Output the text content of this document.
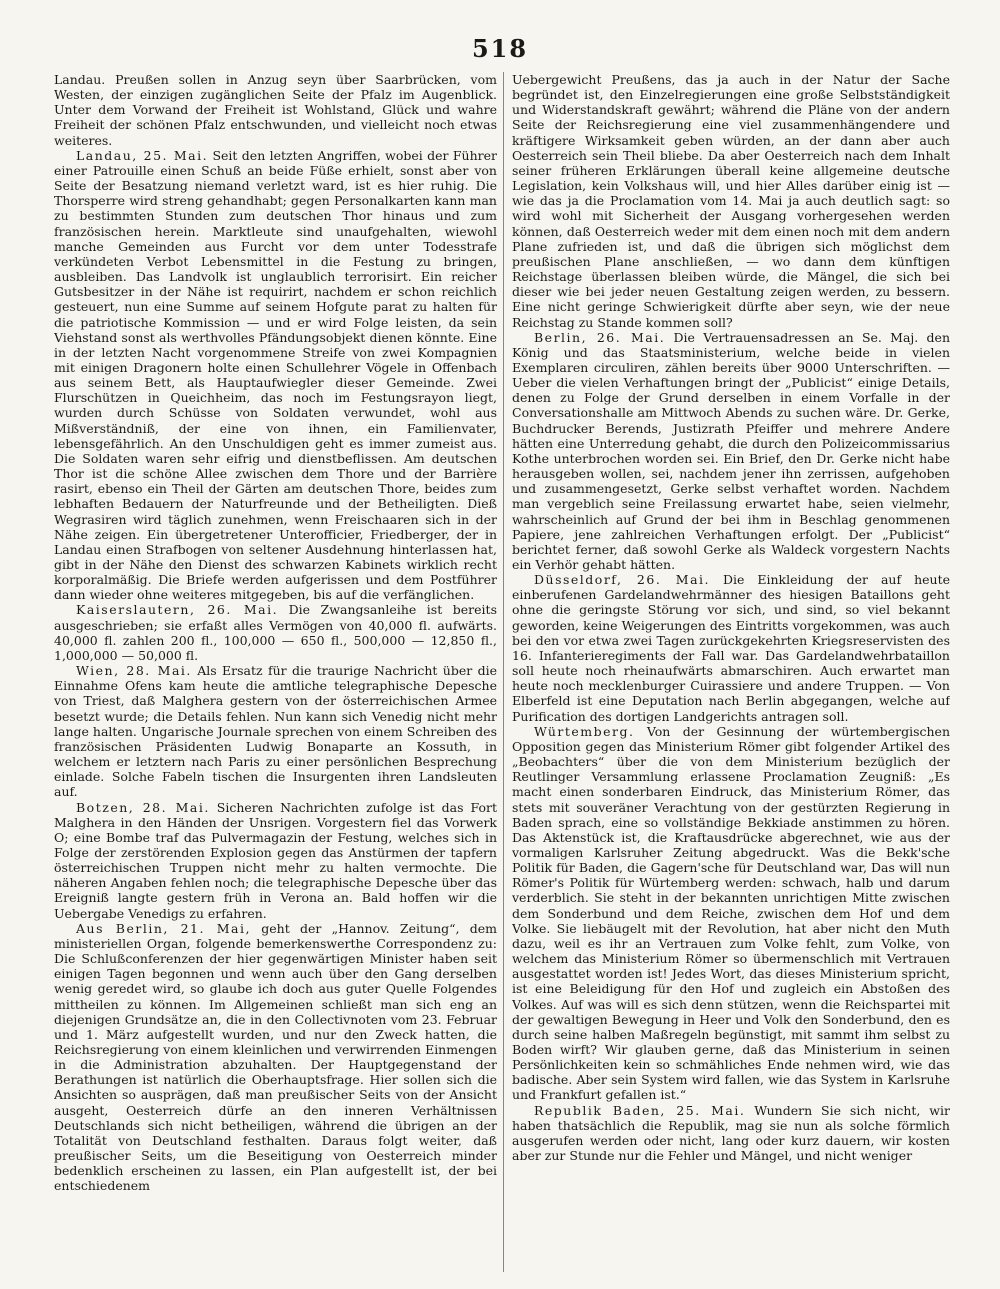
518

Landau. Preußen sollen in Anzug seyn über Saarbrücken, vom Westen, der einzigen zugänglichen Seite der Pfalz im Augenblick. Unter dem Vorwand der Freiheit ist Wohlstand, Glück und wahre Freiheit der schönen Pfalz entschwunden, und vielleicht noch etwas weiteres.

Landau, 25. Mai. Seit den letzten Angriffen, wobei der Führer einer Patrouille einen Schuß an beide Füße erhielt, sonst aber von Seite der Besatzung niemand verletzt ward, ist es hier ruhig. Die Thorsperre wird streng gehandhabt; gegen Personalkarten kann man zu bestimmten Stunden zum deutschen Thor hinaus und zum französischen herein. Marktleute sind unaufgehalten, wiewohl manche Gemeinden aus Furcht vor dem unter Todesstrafe verkündeten Verbot Lebensmittel in die Festung zu bringen, ausbleiben. Das Landvolk ist unglaublich terrorisirt. Ein reicher Gutsbesitzer in der Nähe ist requirirt, nachdem er schon reichlich gesteuert, nun eine Summe auf seinem Hofgute parat zu halten für die patriotische Kommission — und er wird Folge leisten, da sein Viehstand sonst als werthvolles Pfändungsobjekt dienen könnte. Eine in der letzten Nacht vorgenommene Streife von zwei Kompagnien mit einigen Dragonern holte einen Schullehrer Vögele in Offenbach aus seinem Bett, als Hauptaufwiegler dieser Gemeinde. Zwei Flurschützen in Queichheim, das noch im Festungsrayon liegt, wurden durch Schüsse von Soldaten verwundet, wohl aus Mißverständniß, der eine von ihnen, ein Familienvater, lebensgefährlich. An den Unschuldigen geht es immer zumeist aus. Die Soldaten waren sehr eifrig und dienstbeflissen. Am deutschen Thor ist die schöne Allee zwischen dem Thore und der Barrière rasirt, ebenso ein Theil der Gärten am deutschen Thore, beides zum lebhaften Bedauern der Naturfreunde und der Betheiligten. Dieß Wegrasiren wird täglich zunehmen, wenn Freischaaren sich in der Nähe zeigen. Ein übergetretener Unterofficier, Friedberger, der in Landau einen Strafbogen von seltener Ausdehnung hinterlassen hat, gibt in der Nähe den Dienst des schwarzen Kabinets wirklich recht korporalmäßig. Die Briefe werden aufgerissen und dem Postführer dann wieder ohne weiteres mitgegeben, bis auf die verfänglichen.

Kaiserslautern, 26. Mai. Die Zwangsanleihe ist bereits ausgeschrieben; sie erfaßt alles Vermögen von 40,000 fl. aufwärts. 40,000 fl. zahlen 200 fl., 100,000 — 650 fl., 500,000 — 12,850 fl., 1,000,000 — 50,000 fl.

Wien, 28. Mai. Als Ersatz für die traurige Nachricht über die Einnahme Ofens kam heute die amtliche telegraphische Depesche von Triest, daß Malghera gestern von der österreichischen Armee besetzt wurde; die Details fehlen. Nun kann sich Venedig nicht mehr lange halten. Ungarische Journale sprechen von einem Schreiben des französischen Präsidenten Ludwig Bonaparte an Kossuth, in welchem er letztern nach Paris zu einer persönlichen Besprechung einlade. Solche Fabeln tischen die Insurgenten ihren Landsleuten auf.

Botzen, 28. Mai. Sicheren Nachrichten zufolge ist das Fort Malghera in den Händen der Unsrigen. Vorgestern fiel das Vorwerk O; eine Bombe traf das Pulvermagazin der Festung, welches sich in Folge der zerstörenden Explosion gegen das Anstürmen der tapfern österreichischen Truppen nicht mehr zu halten vermochte. Die näheren Angaben fehlen noch; die telegraphische Depesche über das Ereigniß langte gestern früh in Verona an. Bald hoffen wir die Uebergabe Venedigs zu erfahren.

Aus Berlin, 21. Mai, geht der „Hannov. Zeitung“, dem ministeriellen Organ, folgende bemerkenswerthe Correspondenz zu: Die Schlußconferenzen der hier gegenwärtigen Minister haben seit einigen Tagen begonnen und wenn auch über den Gang derselben wenig geredet wird, so glaube ich doch aus guter Quelle Folgendes mittheilen zu können. Im Allgemeinen schließt man sich eng an diejenigen Grundsätze an, die in den Collectivnoten vom 23. Februar und 1. März aufgestellt wurden, und nur den Zweck hatten, die Reichsregierung von einem kleinlichen und verwirrenden Einmengen in die Administration abzuhalten. Der Hauptgegenstand der Berathungen ist natürlich die Oberhauptsfrage. Hier sollen sich die Ansichten so ausprägen, daß man preußischer Seits von der Ansicht ausgeht, Oesterreich dürfe an den inneren Verhältnissen Deutschlands sich nicht betheiligen, während die übrigen an der Totalität von Deutschland festhalten. Daraus folgt weiter, daß preußischer Seits, um die Beseitigung von Oesterreich minder bedenklich erscheinen zu lassen, ein Plan aufgestellt ist, der bei entschiedenem

Uebergewicht Preußens, das ja auch in der Natur der Sache begründet ist, den Einzelregierungen eine große Selbstständigkeit und Widerstandskraft gewährt; während die Pläne von der andern Seite der Reichsregierung eine viel zusammenhängendere und kräftigere Wirksamkeit geben würden, an der dann aber auch Oesterreich sein Theil bliebe. Da aber Oesterreich nach dem Inhalt seiner früheren Erklärungen überall keine allgemeine deutsche Legislation, kein Volkshaus will, und hier Alles darüber einig ist — wie das ja die Proclamation vom 14. Mai ja auch deutlich sagt: so wird wohl mit Sicherheit der Ausgang vorhergesehen werden können, daß Oesterreich weder mit dem einen noch mit dem andern Plane zufrieden ist, und daß die übrigen sich möglichst dem preußischen Plane anschließen, — wo dann dem künftigen Reichstage überlassen bleiben würde, die Mängel, die sich bei dieser wie bei jeder neuen Gestaltung zeigen werden, zu bessern. Eine nicht geringe Schwierigkeit dürfte aber seyn, wie der neue Reichstag zu Stande kommen soll?

Berlin, 26. Mai. Die Vertrauensadressen an Se. Maj. den König und das Staatsministerium, welche beide in vielen Exemplaren circuliren, zählen bereits über 9000 Unterschriften. — Ueber die vielen Verhaftungen bringt der „Publicist“ einige Details, denen zu Folge der Grund derselben in einem Vorfalle in der Conversationshalle am Mittwoch Abends zu suchen wäre. Dr. Gerke, Buchdrucker Berends, Justizrath Pfeiffer und mehrere Andere hätten eine Unterredung gehabt, die durch den Polizeicommissarius Kothe unterbrochen worden sei. Ein Brief, den Dr. Gerke nicht habe herausgeben wollen, sei, nachdem jener ihn zerrissen, aufgehoben und zusammengesetzt, Gerke selbst verhaftet worden. Nachdem man vergeblich seine Freilassung erwartet habe, seien vielmehr, wahrscheinlich auf Grund der bei ihm in Beschlag genommenen Papiere, jene zahlreichen Verhaftungen erfolgt. Der „Publicist“ berichtet ferner, daß sowohl Gerke als Waldeck vorgestern Nachts ein Verhör gehabt hätten.

Düsseldorf, 26. Mai. Die Einkleidung der auf heute einberufenen Gardelandwehrmänner des hiesigen Bataillons geht ohne die geringste Störung vor sich, und sind, so viel bekannt geworden, keine Weigerungen des Eintritts vorgekommen, was auch bei den vor etwa zwei Tagen zurückgekehrten Kriegsreservisten des 16. Infanterieregiments der Fall war. Das Gardelandwehrbataillon soll heute noch rheinaufwärts abmarschiren. Auch erwartet man heute noch mecklenburger Cuirassiere und andere Truppen. — Von Elberfeld ist eine Deputation nach Berlin abgegangen, welche auf Purification des dortigen Landgerichts antragen soll.

Würtemberg. Von der Gesinnung der würtembergischen Opposition gegen das Ministerium Römer gibt folgender Artikel des „Beobachters“ über die von dem Ministerium bezüglich der Reutlinger Versammlung erlassene Proclamation Zeugniß: „Es macht einen sonderbaren Eindruck, das Ministerium Römer, das stets mit souveräner Verachtung von der gestürzten Regierung in Baden sprach, eine so vollständige Bekkiade anstimmen zu hören. Das Aktenstück ist, die Kraftausdrücke abgerechnet, wie aus der vormaligen Karlsruher Zeitung abgedruckt. Was die Bekk'sche Politik für Baden, die Gagern'sche für Deutschland war, Das will nun Römer's Politik für Würtemberg werden: schwach, halb und darum verderblich. Sie steht in der bekannten unrichtigen Mitte zwischen dem Sonderbund und dem Reiche, zwischen dem Hof und dem Volke. Sie liebäugelt mit der Revolution, hat aber nicht den Muth dazu, weil es ihr an Vertrauen zum Volke fehlt, zum Volke, von welchem das Ministerium Römer so übermenschlich mit Vertrauen ausgestattet worden ist! Jedes Wort, das dieses Ministerium spricht, ist eine Beleidigung für den Hof und zugleich ein Abstoßen des Volkes. Auf was will es sich denn stützen, wenn die Reichspartei mit der gewaltigen Bewegung in Heer und Volk den Sonderbund, den es durch seine halben Maßregeln begünstigt, mit sammt ihm selbst zu Boden wirft? Wir glauben gerne, daß das Ministerium in seinen Persönlichkeiten kein so schmähliches Ende nehmen wird, wie das badische. Aber sein System wird fallen, wie das System in Karlsruhe und Frankfurt gefallen ist.“

Republik Baden, 25. Mai. Wundern Sie sich nicht, wir haben thatsächlich die Republik, mag sie nun als solche förmlich ausgerufen werden oder nicht, lang oder kurz dauern, wir kosten aber zur Stunde nur die Fehler und Mängel, und nicht weniger
